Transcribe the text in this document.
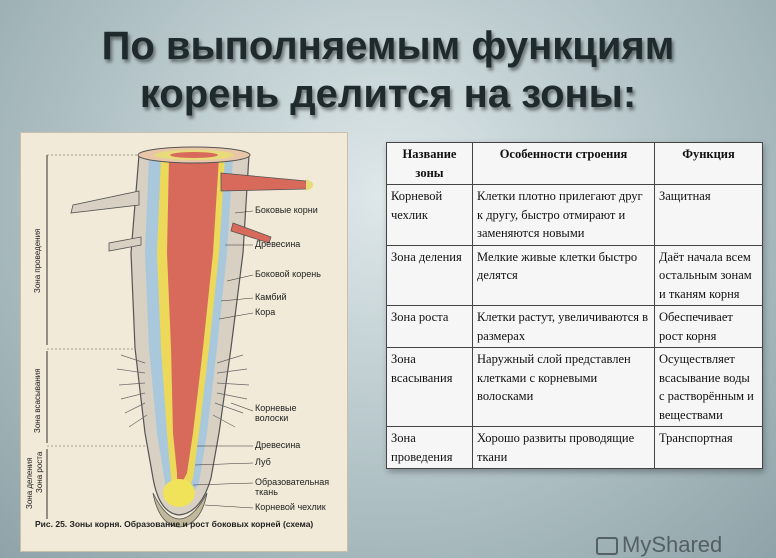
По выполняемым функциям
корень делится на зоны:
Боковые корни
Древесина
Боковой корень
Камбий
Кора
Корневые волоски
Древесина
Луб
Образовательная ткань
Корневой чехлик
Зона проведения
Зона всасывания
Зона деления Зона роста
Рис. 25. Зоны корня. Образование и рост боковых корней (схема)
Название зоны	Особенности строения	Функция
Корневой чехлик	Клетки плотно прилегают друг к другу, быстро отмирают и заменяются новыми	Защитная
Зона деления	Мелкие живые клетки быстро делятся	Даёт начала всем остальным зонам и тканям корня
Зона роста	Клетки растут, увеличиваются в размерах	Обеспечивает рост корня
Зона всасывания	Наружный слой представлен клетками с корневыми волосками	Осуществляет всасывание воды с растворённым и веществами
Зона проведения	Хорошо развиты проводящие ткани	Транспортная
MyShared
